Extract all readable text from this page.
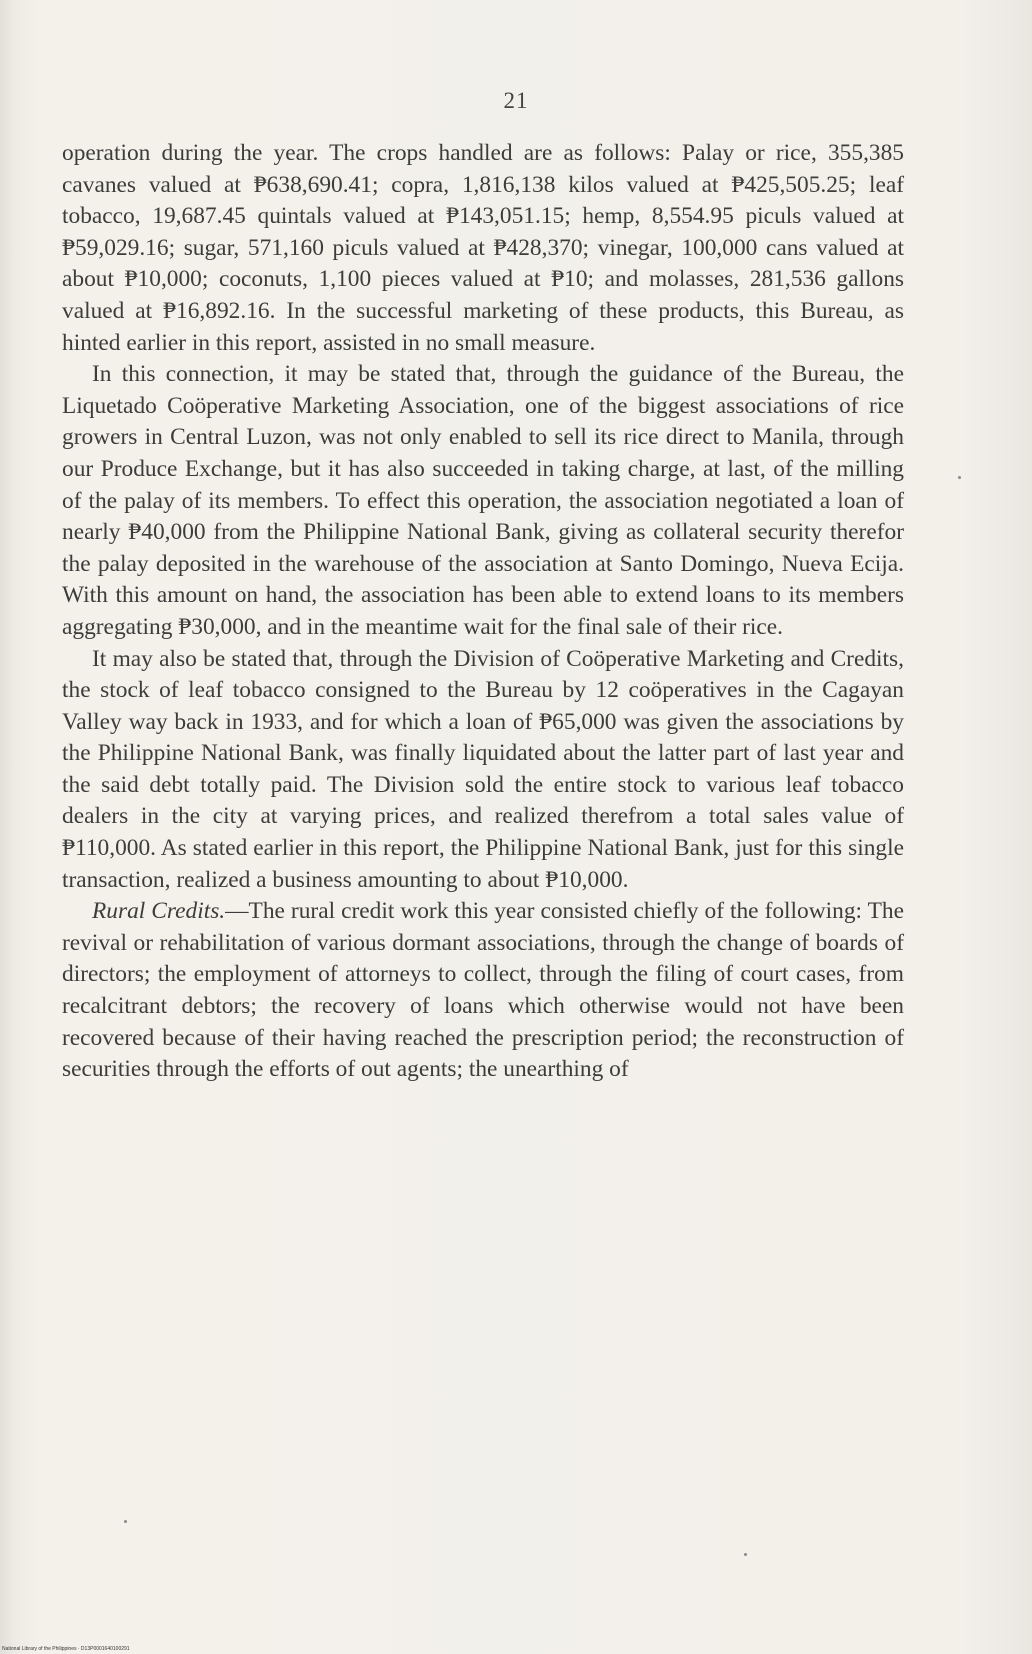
21

operation during the year. The crops handled are as follows: Palay or rice, 355,385 cavanes valued at ₱638,690.41; copra, 1,816,138 kilos valued at ₱425,505.25; leaf tobacco, 19,687.45 quintals valued at ₱143,051.15; hemp, 8,554.95 piculs valued at ₱59,029.16; sugar, 571,160 piculs valued at ₱428,370; vinegar, 100,000 cans valued at about ₱10,000; coconuts, 1,100 pieces valued at ₱10; and molasses, 281,536 gallons valued at ₱16,892.16. In the successful marketing of these products, this Bureau, as hinted earlier in this report, assisted in no small measure.

In this connection, it may be stated that, through the guidance of the Bureau, the Liquetado Coöperative Marketing Association, one of the biggest associations of rice growers in Central Luzon, was not only enabled to sell its rice direct to Manila, through our Produce Exchange, but it has also succeeded in taking charge, at last, of the milling of the palay of its members. To effect this operation, the association negotiated a loan of nearly ₱40,000 from the Philippine National Bank, giving as collateral security therefor the palay deposited in the warehouse of the association at Santo Domingo, Nueva Ecija. With this amount on hand, the association has been able to extend loans to its members aggregating ₱30,000, and in the meantime wait for the final sale of their rice.

It may also be stated that, through the Division of Coöperative Marketing and Credits, the stock of leaf tobacco consigned to the Bureau by 12 coöperatives in the Cagayan Valley way back in 1933, and for which a loan of ₱65,000 was given the associations by the Philippine National Bank, was finally liquidated about the latter part of last year and the said debt totally paid. The Division sold the entire stock to various leaf tobacco dealers in the city at varying prices, and realized therefrom a total sales value of ₱110,000. As stated earlier in this report, the Philippine National Bank, just for this single transaction, realized a business amounting to about ₱10,000.

Rural Credits.—The rural credit work this year consisted chiefly of the following: The revival or rehabilitation of various dormant associations, through the change of boards of directors; the employment of attorneys to collect, through the filing of court cases, from recalcitrant debtors; the recovery of loans which otherwise would not have been recovered because of their having reached the prescription period; the reconstruction of securities through the efforts of out agents; the unearthing of

National Library of the Philippines · D13P0001640100291
